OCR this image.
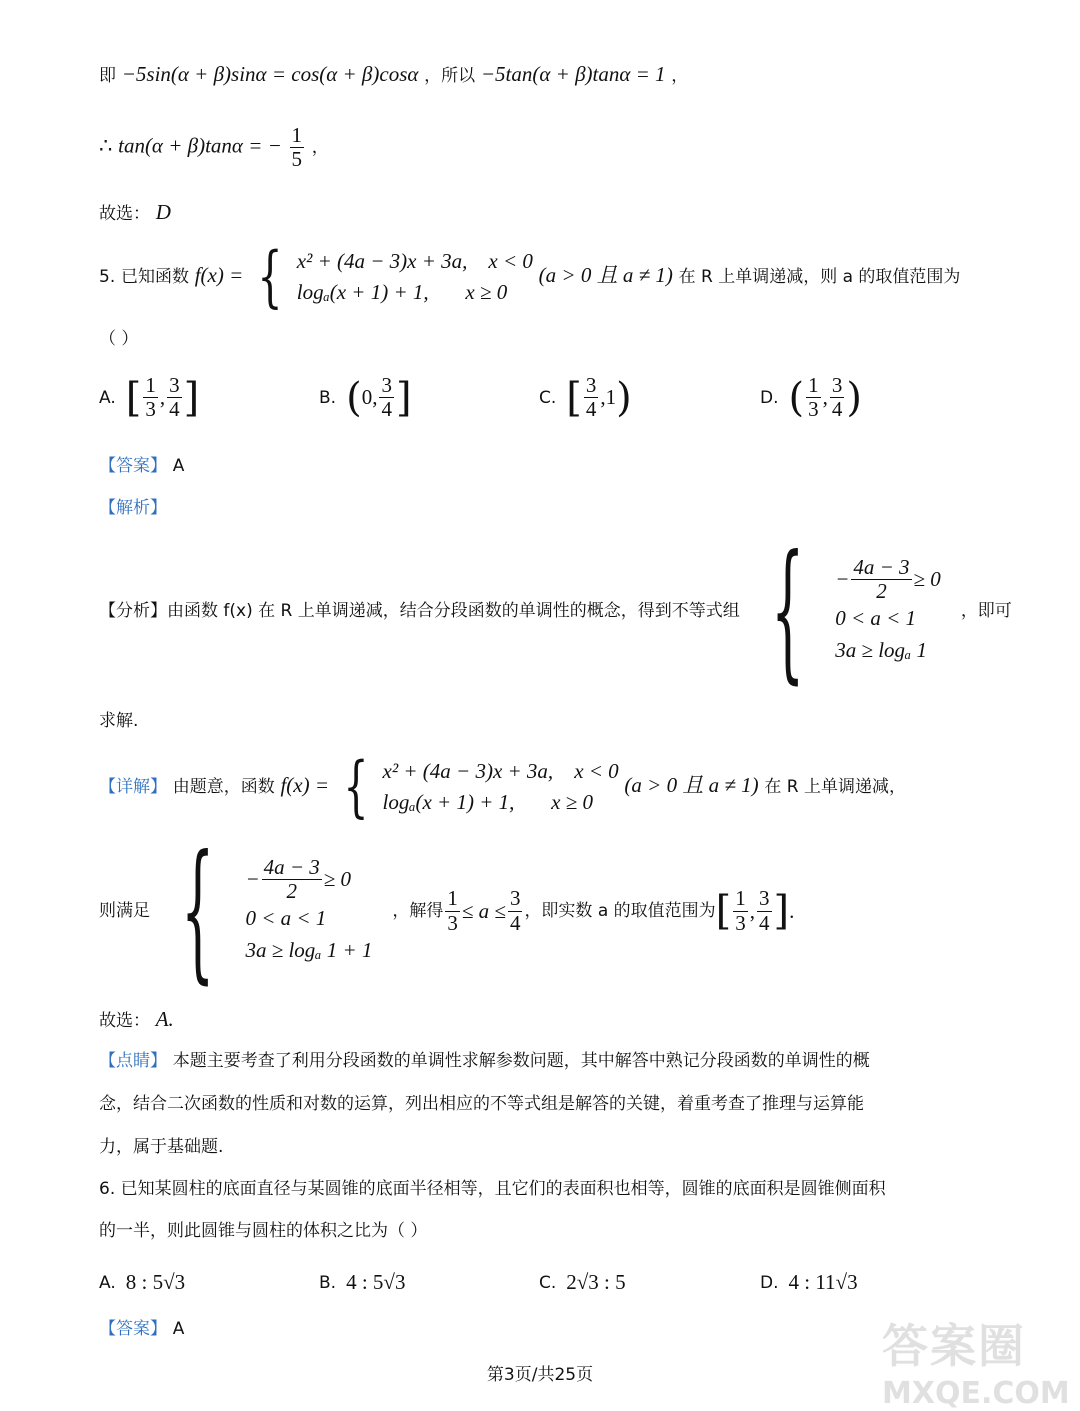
即 −5sin(α + β)sinα = cos(α + β)cosα ，所以 −5tan(α + β)tanα = 1 ，
∴ tan(α + β)tanα = − $\frac{1}{5}$ ，
故选： D
5. 已知函数 f(x) = { x² + (4a − 3)x + 3a, x < 0
logₐ(x + 1) + 1, x ≥ 0
(a > 0 且 a ≠ 1) 在 R 上单调递减，则 a 的取值范围为
（ ）
A. [ $\frac{1}{3}$ , $\frac{3}{4}$ ]	B. ( 0, $\frac{3}{4}$ ]	C. [ $\frac{3}{4} ,1$ )	D. ( $\frac{1}{3}$ , $\frac{3}{4}$ )
【答案】 A
【解析】
【分析】 由函数 f(x) 在 R 上单调递减，结合分段函数的单调性的概念，得到不等式组 { − $\frac{4a - 3}{2} \ge 0$
0 < a < 1
3a ≥ logₐ 1
，即可
求解.
【详解】 由题意，函数 f(x) = { x² + (4a − 3)x + 3a, x < 0
logₐ(x + 1) + 1, x ≥ 0
(a > 0 且 a ≠ 1) 在 R 上单调递减，
则满足 { − $\frac{4a - 3}{2} \ge 0$
0 < a < 1
3a ≥ logₐ 1 + 1
，解得 $\frac{1}{3} \le a \le \frac{3}{4}$ ，即实数 a 的取值范围为 [ $\frac{1}{3}$ , $\frac{3}{4}$ ] .
故选： A.
【点睛】 本题主要考查了利用分段函数的单调性求解参数问题，其中解答中熟记分段函数的单调性的概
念，结合二次函数的性质和对数的运算，列出相应的不等式组是解答的关键，着重考查了推理与运算能
力，属于基础题.
6. 已知某圆柱的底面直径与某圆锥的底面半径相等，且它们的表面积也相等，圆锥的底面积是圆锥侧面积
的一半，则此圆锥与圆柱的体积之比为（ ）
A. 8 : 5√3	B. 4 : 5√3	C. 2√3 : 5	D. 4 : 11√3
【答案】 A
第3页/共25页
答案圈
MXQE.COM
